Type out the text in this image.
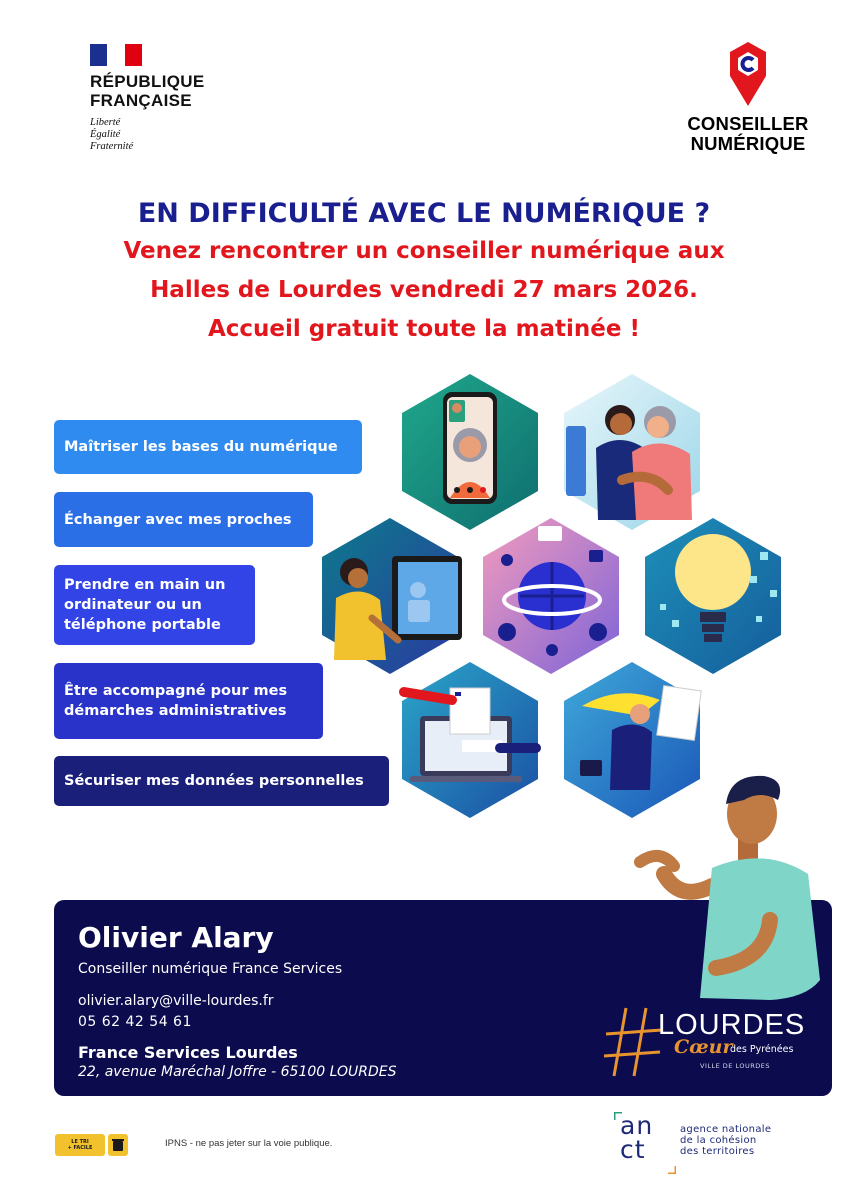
RÉPUBLIQUE
FRANÇAISE
Liberté
Égalité
Fraternité
CONSEILLER
NUMÉRIQUE
EN DIFFICULTÉ AVEC LE NUMÉRIQUE ?
Venez rencontrer un conseiller numérique aux
Halles de Lourdes vendredi 27 mars 2026.
Accueil gratuit toute la matinée !
Maîtriser les bases du numérique
Échanger avec mes proches
Prendre en main un
ordinateur ou un
téléphone portable
Être accompagné pour mes
démarches administratives
Sécuriser mes données personnelles
Olivier Alary
Conseiller numérique France Services
olivier.alary@ville-lourdes.fr
05 62 42 54 61
France Services Lourdes
22, avenue Maréchal Joffre - 65100 LOURDES
LOURDES
Cœur
des Pyrénées
VILLE DE LOURDES
LE TRI
+ FACILE	IPNS - ne pas jeter sur la voie publique.
an
ct
agence nationale
de la cohésion
des territoires
